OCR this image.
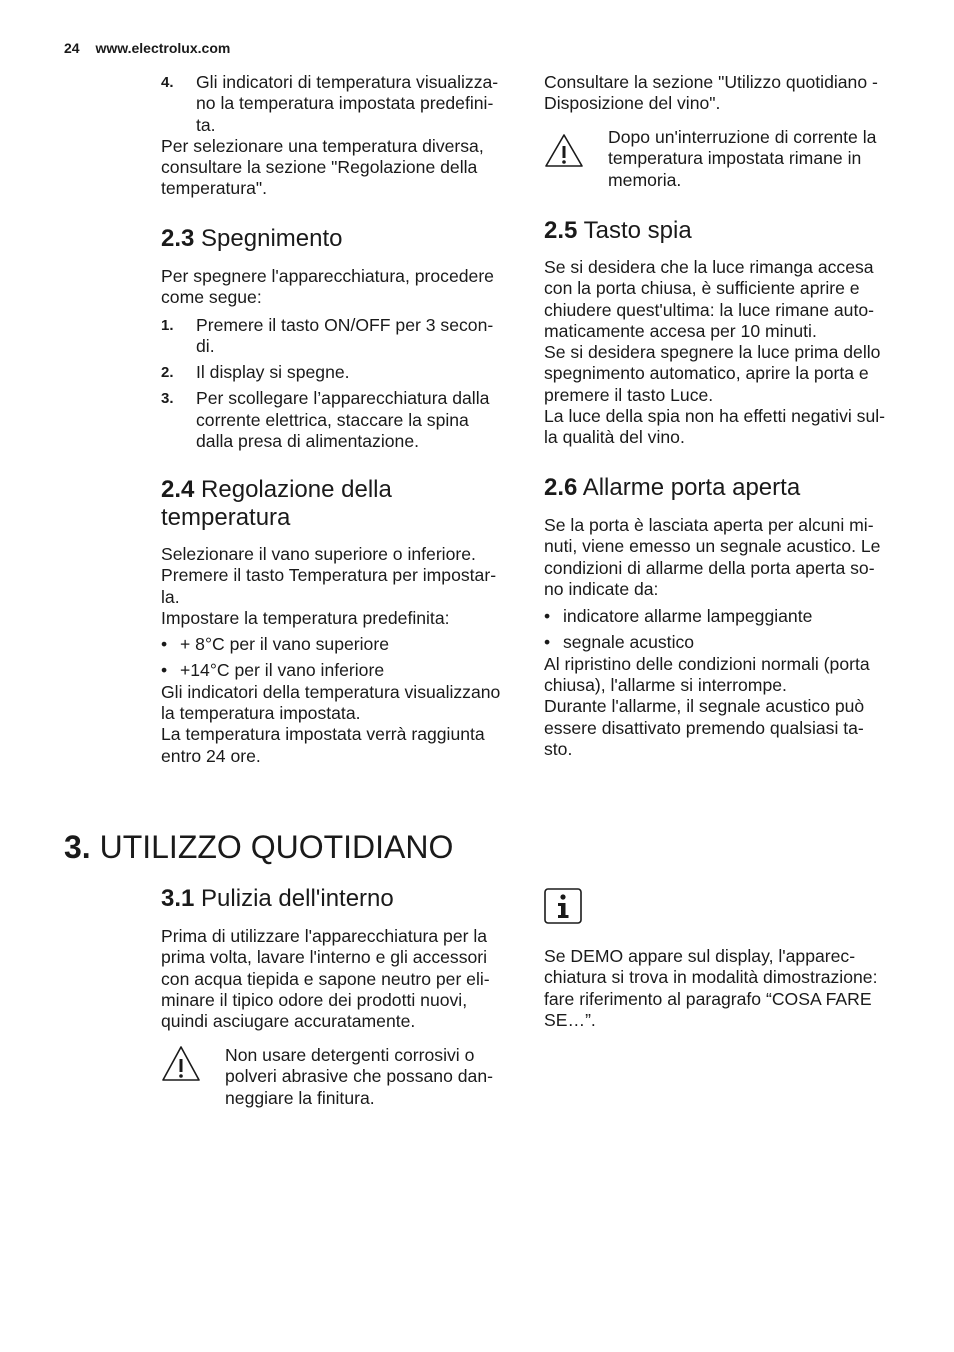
24 www.electrolux.com
4. Gli indicatori di temperatura visualizza-no la temperatura impostata predefini-ta.

Per selezionare una temperatura diversa, consultare la sezione "Regolazione della temperatura".

2.3 Spegnimento

Per spegnere l'apparecchiatura, procedere come segue:

1. Premere il tasto ON/OFF per 3 secon-di.
2. Il display si spegne.
3. Per scollegare l’apparecchiatura dalla corrente elettrica, staccare la spina dalla presa di alimentazione.
2.4 Regolazione della
temperatura

Selezionare il vano superiore o inferiore.

Premere il tasto Temperatura per impostar-la.

Impostare la temperatura predefinita:

• + 8°C per il vano superiore
• +14°C per il vano inferiore

Gli indicatori della temperatura visualizzano la temperatura impostata.

La temperatura impostata verrà raggiunta entro 24 ore.

Consultare la sezione "Utilizzo quotidiano - Disposizione del vino".

Dopo un'interruzione di corrente la temperatura impostata rimane in memoria.

2.5 Tasto spia

Se si desidera che la luce rimanga accesa con la porta chiusa, è sufficiente aprire e chiudere quest'ultima: la luce rimane auto-maticamente accesa per 10 minuti.

Se si desidera spegnere la luce prima dello spegnimento automatico, aprire la porta e premere il tasto Luce.

La luce della spia non ha effetti negativi sul-la qualità del vino.

2.6 Allarme porta aperta

Se la porta è lasciata aperta per alcuni mi-nuti, viene emesso un segnale acustico. Le condizioni di allarme della porta aperta so-no indicate da:

• indicatore allarme lampeggiante
• segnale acustico

Al ripristino delle condizioni normali (porta chiusa), l'allarme si interrompe.

Durante l'allarme, il segnale acustico può essere disattivato premendo qualsiasi ta-sto.

3. UTILIZZO QUOTIDIANO
3.1 Pulizia dell'interno

Prima di utilizzare l'apparecchiatura per la prima volta, lavare l'interno e gli accessori con acqua tiepida e sapone neutro per eli-minare il tipico odore dei prodotti nuovi, quindi asciugare accuratamente.

Non usare detergenti corrosivi o polveri abrasive che possano dan-neggiare la finitura.

Se DEMO appare sul display, l'apparec-chiatura si trova in modalità dimostrazione: fare riferimento al paragrafo “COSA FARE SE…”.
